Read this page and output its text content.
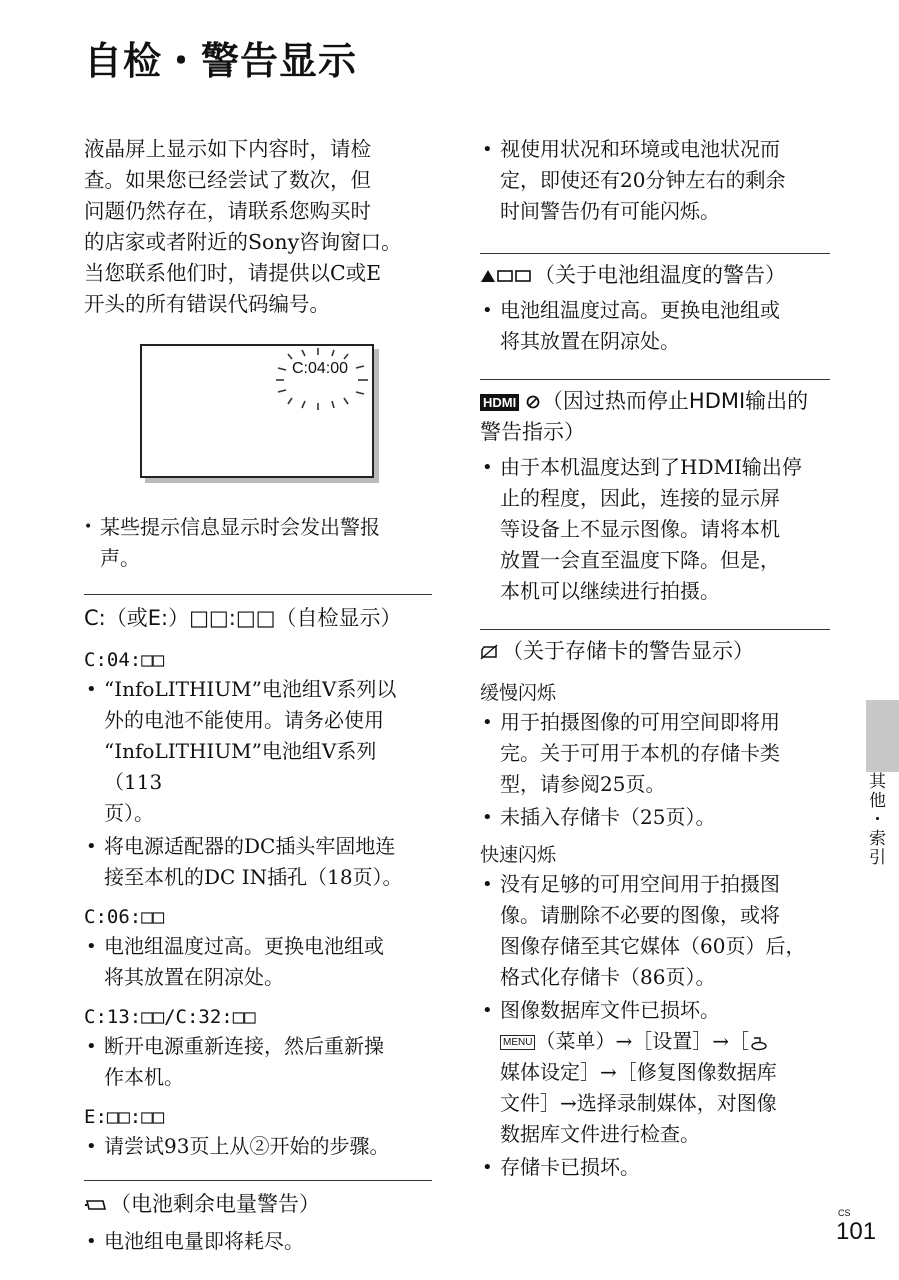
自检・警告显示
液晶屏上显示如下内容时，请检
查。如果您已经尝试了数次，但
问题仍然存在，请联系您购买时
的店家或者附近的Sony咨询窗口。
当您联系他们时，请提供以C或E
开头的所有错误代码编号。
C:04:00
• 某些提示信息显示时会发出警报
声。
C:（或E:）□□:□□（自检显示）
C:04:□□
• “InfoLITHIUM”电池组V系列以
外的电池不能使用。请务必使用
“InfoLITHIUM”电池组V系列（113
页）。
• 将电源适配器的DC插头牢固地连
接至本机的DC IN插孔（18页）。
C:06:□□
• 电池组温度过高。更换电池组或
将其放置在阴凉处。
C:13:□□/C:32:□□
• 断开电源重新连接，然后重新操
作本机。
E:□□:□□
• 请尝试93页上从②开始的步骤。
（电池剩余电量警告）
• 电池组电量即将耗尽。
• 视使用状况和环境或电池状况而
定，即使还有20分钟左右的剩余
时间警告仍有可能闪烁。
（关于电池组温度的警告）
• 电池组温度过高。更换电池组或
将其放置在阴凉处。
HDMI （因过热而停止HDMI输出的
警告指示）
• 由于本机温度达到了HDMI输出停
止的程度，因此，连接的显示屏
等设备上不显示图像。请将本机
放置一会直至温度下降。但是，
本机可以继续进行拍摄。
（关于存储卡的警告显示）
缓慢闪烁
• 用于拍摄图像的可用空间即将用
完。关于可用于本机的存储卡类
型，请参阅25页。
• 未插入存储卡（25页）。
快速闪烁
• 没有足够的可用空间用于拍摄图
像。请删除不必要的图像，或将
图像存储至其它媒体（60页）后，
格式化存储卡（86页）。
• 图像数据库文件已损坏。
MENU （菜单）→［设置］→［
媒体设定］→［修复图像数据库
文件］→选择录制媒体，对图像
数据库文件进行检查。
• 存储卡已损坏。
其他・索引
CS
101
